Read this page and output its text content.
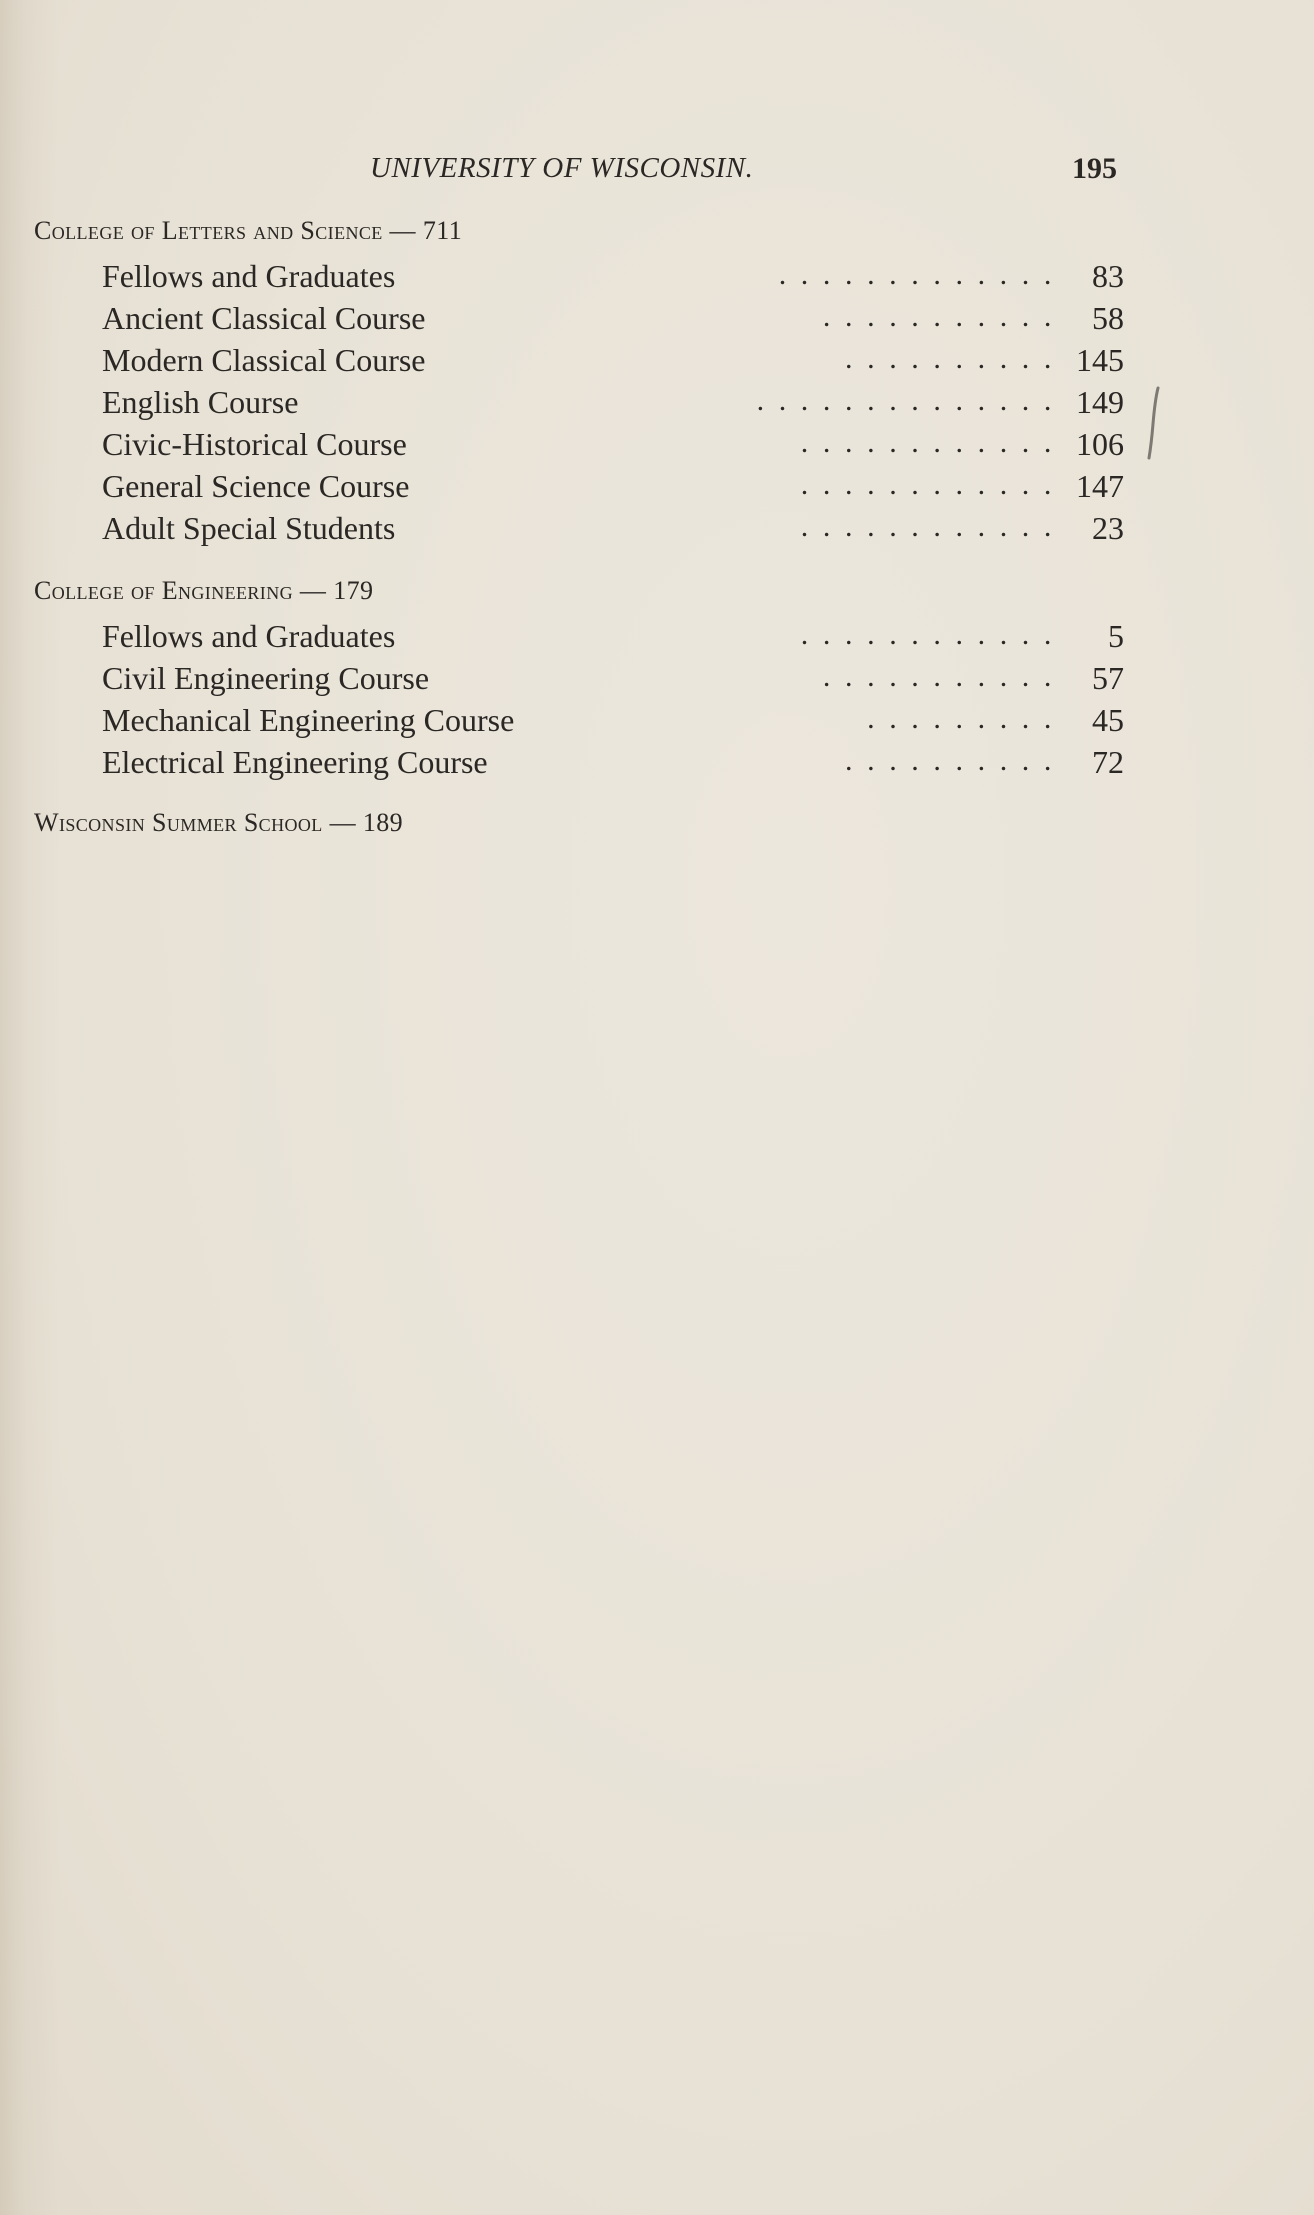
UNIVERSITY OF WISCONSIN.	195
College of Letters and Science — 711
Fellows and Graduates	............. 83
Ancient Classical Course	........... 58
Modern Classical Course	.......... 145
English Course	.............. 149
Civic-Historical Course	............ 106
General Science Course	............ 147
Adult Special Students	............ 23
College of Engineering — 179
Fellows and Graduates	............ 5
Civil Engineering Course	........... 57
Mechanical Engineering Course	......... 45
Electrical Engineering Course	.......... 72
Wisconsin Summer School — 189
